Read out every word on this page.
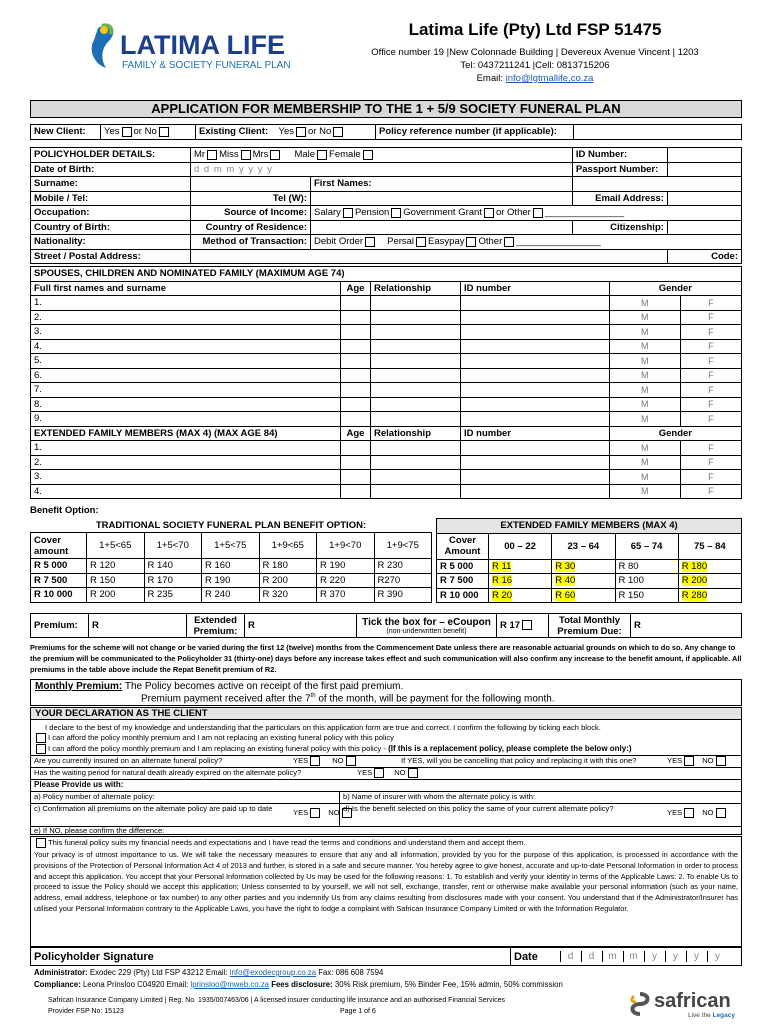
LATIMA LIFE
FAMILY & SOCIETY FUNERAL PLAN
Latima Life (Pty) Ltd FSP 51475
Office number 19 |New Colonnade Building | Devereux Avenue Vincent | 1203
Tel: 0437211241 |Cell: 0813715206
Email: info@lgtmallife.co.za
APPLICATION FOR MEMBERSHIP TO THE 1 + 5/9 SOCIETY FUNERAL PLAN
New Client:	Yes or No	Existing Client:	Yes or No	Policy reference number (if applicable):	
POLICYHOLDER DETAILS:	Mr Miss Mrs Male Female		ID Number:	
Date of Birth:	d d m m y y y y		Passport Number:	
Surname:		First Names:		
Mobile / Tel:	Tel (W):		Email Address:	
Occupation:	Source of Income:	Salary Pension Government Grant or Other _______________		
Country of Birth:	Country of Residence:		Citizenship:	
Nationality:	Method of Transaction:	Debit Order Persal Easypay Other ________________		
Street / Postal Address:				Code:
SPOUSES, CHILDREN AND NOMINATED FAMILY (MAXIMUM AGE 74)					
Full first names and surname	Age	Relationship	ID number	Gender	
1.				M	F
2.				M	F
3.				M	F
4.				M	F
5.				M	F
6.				M	F
7.				M	F
8.				M	F
9.				M	F
EXTENDED FAMILY MEMBERS (MAX 4) (MAX AGE 84)	Age	Relationship	ID number	Gender	
1.				M	F
2.				M	F
3.				M	F
4.				M	F
Benefit Option:
TRADITIONAL SOCIETY FUNERAL PLAN BENEFIT OPTION:						
Cover amount	1+5<65	1+5<70	1+5<75	1+9<65	1+9<70	1+9<75
R 5 000	R 120	R 140	R 160	R 180	R 190	R 230
R 7 500	R 150	R 170	R 190	R 200	R 220	R270
R 10 000	R 200	R 235	R 240	R 320	R 370	R 390
EXTENDED FAMILY MEMBERS (MAX 4)				
Cover Amount	00 – 22	23 – 64	65 – 74	75 – 84
R 5 000	R 11	R 30	R 80	R 180
R 7 500	R 16	R 40	R 100	R 200
R 10 000	R 20	R 60	R 150	R 280
Premium:	R	Extended Premium:	R	Tick the box for – eCoupon
(non-underwritten benefit)	R 17	Total Monthly Premium Due:	R
Premiums for the scheme will not change or be varied during the first 12 (twelve) months from the Commencement Date unless there are reasonable actuarial grounds on which to do so. Any change to the premium will be communicated to the Policyholder 31 (thirty-one) days before any increase takes effect and such communication will also confirm any increase to the benefit amount, if applicable. All premiums in the table above include the Repat Benefit premium of R2.
Monthly Premium: The Policy becomes active on receipt of the first paid premium.
Premium payment received after the 7th of the month, will be payment for the following month.
YOUR DECLARATION AS THE CLIENT
I declare to the best of my knowledge and understanding that the particulars on this application form are true and correct. I confirm the following by ticking each block.
I can afford the policy monthly premium and I am not replacing an existing funeral policy with this policy
I can afford the policy monthly premium and I am replacing an existing funeral policy with this policy - (If this is a replacement policy, please complete the below only:)
Are you currently insured on an alternate funeral policy?	YES	NO	If YES, will you be cancelling that policy and replacing it with this one?	YES	NO
Has the waiting period for natural death already expired on the alternate policy?	YES	NO
Please Provide us with:
a) Policy number of alternate policy:	b) Name of insurer with whom the alternate policy is with:
c) Confirmation all premiums on the alternate policy are paid up to date	YES	NO d) Is the benefit selected on this policy the same of your current alternate policy?	YES	NO
e) If NO, please confirm the difference:
This funeral policy suits my financial needs and expectations and I have read the terms and conditions and understand them and accept them.
Your privacy is of utmost importance to us. We will take the necessary measures to ensure that any and all information, provided by you for the purpose of this application, is processed in accordance with the provisions of the Protection of Personal Information Act 4 of 2013 and further, is stored in a safe and secure manner. You hereby agree to give honest, accurate and up-to-date Personal Information in order to process and accept this application. You accept that your Personal Information collected by Us may be used for the following reasons: 1. To establish and verify your identity in terms of the Applicable Laws: 2. To enable Us to proceed to issue the Policy should we accept this application; Unless consented to by yourself, we will not sell, exchange, transfer, rent or otherwise make available your personal information (such as your name, address, email address, telephone or fax number) to any other parties and you indemnify Us from any claims resulting from disclosures made with your consent. You understand that if the Administrator/Insurer has utilised your Personal Information contrary to the Applicable Laws, you have the right to lodge a complaint with Safrican Insurance Company Limited or with the Information Regulator.
Policyholder Signature	Date	d d m m y y y y
Administrator: Exodec 229 (Pty) Ltd FSP 43212 Email: info@exodecgroup.co.za Fax: 086 608 7594
Compliance: Leona Prinsloo C04920 Email: lprinsloo@mweb.co.za Fees disclosure: 30% Risk premium, 5% Binder Fee, 15% admin, 50% commission
Safrican Insurance Company Limited | Reg. No. 1935/007463/06 | A licensed insurer conducting life insurance and an authorised Financial Services
Provider FSP No: 15123	Page 1 of 6	safrican
Live the Legacy
